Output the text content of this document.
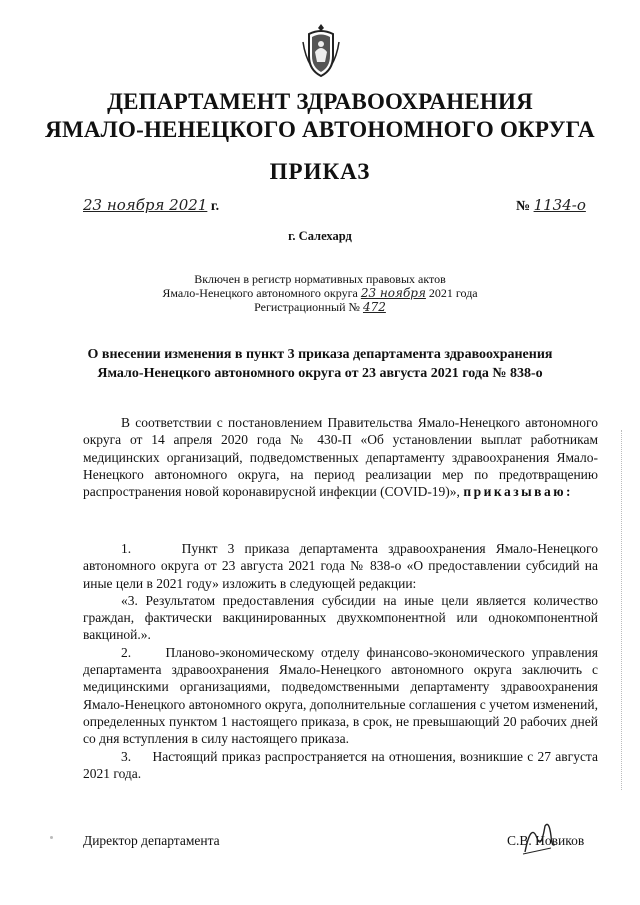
ДЕПАРТАМЕНТ ЗДРАВООХРАНЕНИЯ
ЯМАЛО-НЕНЕЦКОГО АВТОНОМНОГО ОКРУГА
ПРИКАЗ
23 ноября 2021 г.	№ 1134-о
г. Салехард
Включен в регистр нормативных правовых актов
Ямало-Ненецкого автономного округа 23 ноября 2021 года
Регистрационный № 472
О внесении изменения в пункт 3 приказа департамента здравоохранения
Ямало-Ненецкого автономного округа от 23 августа 2021 года № 838-о

В соответствии с постановлением Правительства Ямало-Ненецкого автономного округа от 14 апреля 2020 года № 430-П «Об установлении выплат работникам медицинских организаций, подведомственных департаменту здравоохранения Ямало-Ненецкого автономного округа, на период реализации мер по предотвращению распространения новой коронавирусной инфекции (COVID-19)», приказываю:

1.     Пункт 3 приказа департамента здравоохранения Ямало-Ненецкого автономного округа от 23 августа 2021 года № 838-о «О предоставлении субсидий на иные цели в 2021 году» изложить в следующей редакции:

«3. Результатом предоставления субсидии на иные цели является количество граждан, фактически вакцинированных двухкомпонентной или однокомпонентной вакциной.».

2.     Планово-экономическому отделу финансово-экономического управления департамента здравоохранения Ямало-Ненецкого автономного округа заключить с медицинскими организациями, подведомственными департаменту здравоохранения Ямало-Ненецкого автономного округа, дополнительные соглашения с учетом изменений, определенных пунктом 1 настоящего приказа, в срок, не превышающий 20 рабочих дней со дня вступления в силу настоящего приказа.

3.     Настоящий приказ распространяется на отношения, возникшие с 27 августа 2021 года.

Директор департамента	С.В. Новиков
